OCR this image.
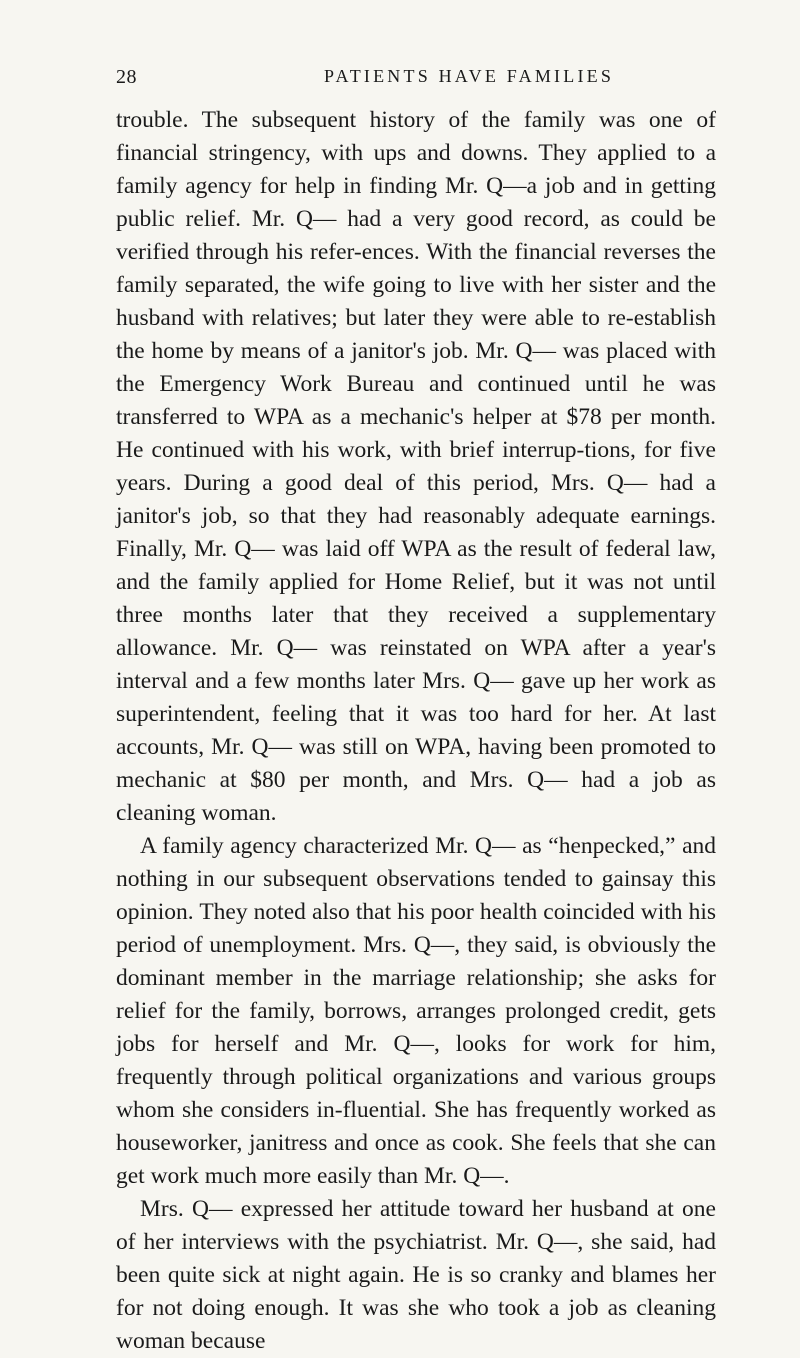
28	PATIENTS HAVE FAMILIES

trouble. The subsequent history of the family was one of financial stringency, with ups and downs. They applied to a family agency for help in finding Mr. Q—a job and in getting public relief. Mr. Q— had a very good record, as could be verified through his refer-ences. With the financial reverses the family separated, the wife going to live with her sister and the husband with relatives; but later they were able to re-establish the home by means of a janitor's job. Mr. Q— was placed with the Emergency Work Bureau and continued until he was transferred to WPA as a mechanic's helper at $78 per month. He continued with his work, with brief interrup-tions, for five years. During a good deal of this period, Mrs. Q— had a janitor's job, so that they had reasonably adequate earnings. Finally, Mr. Q— was laid off WPA as the result of federal law, and the family applied for Home Relief, but it was not until three months later that they received a supplementary allowance. Mr. Q— was reinstated on WPA after a year's interval and a few months later Mrs. Q— gave up her work as superintendent, feeling that it was too hard for her. At last accounts, Mr. Q— was still on WPA, having been promoted to mechanic at $80 per month, and Mrs. Q— had a job as cleaning woman.

A family agency characterized Mr. Q— as “henpecked,” and nothing in our subsequent observations tended to gainsay this opinion. They noted also that his poor health coincided with his period of unemployment. Mrs. Q—, they said, is obviously the dominant member in the marriage relationship; she asks for relief for the family, borrows, arranges prolonged credit, gets jobs for herself and Mr. Q—, looks for work for him, frequently through political organizations and various groups whom she considers in-fluential. She has frequently worked as houseworker, janitress and once as cook. She feels that she can get work much more easily than Mr. Q—.

Mrs. Q— expressed her attitude toward her husband at one of her interviews with the psychiatrist. Mr. Q—, she said, had been quite sick at night again. He is so cranky and blames her for not doing enough. It was she who took a job as cleaning woman because
